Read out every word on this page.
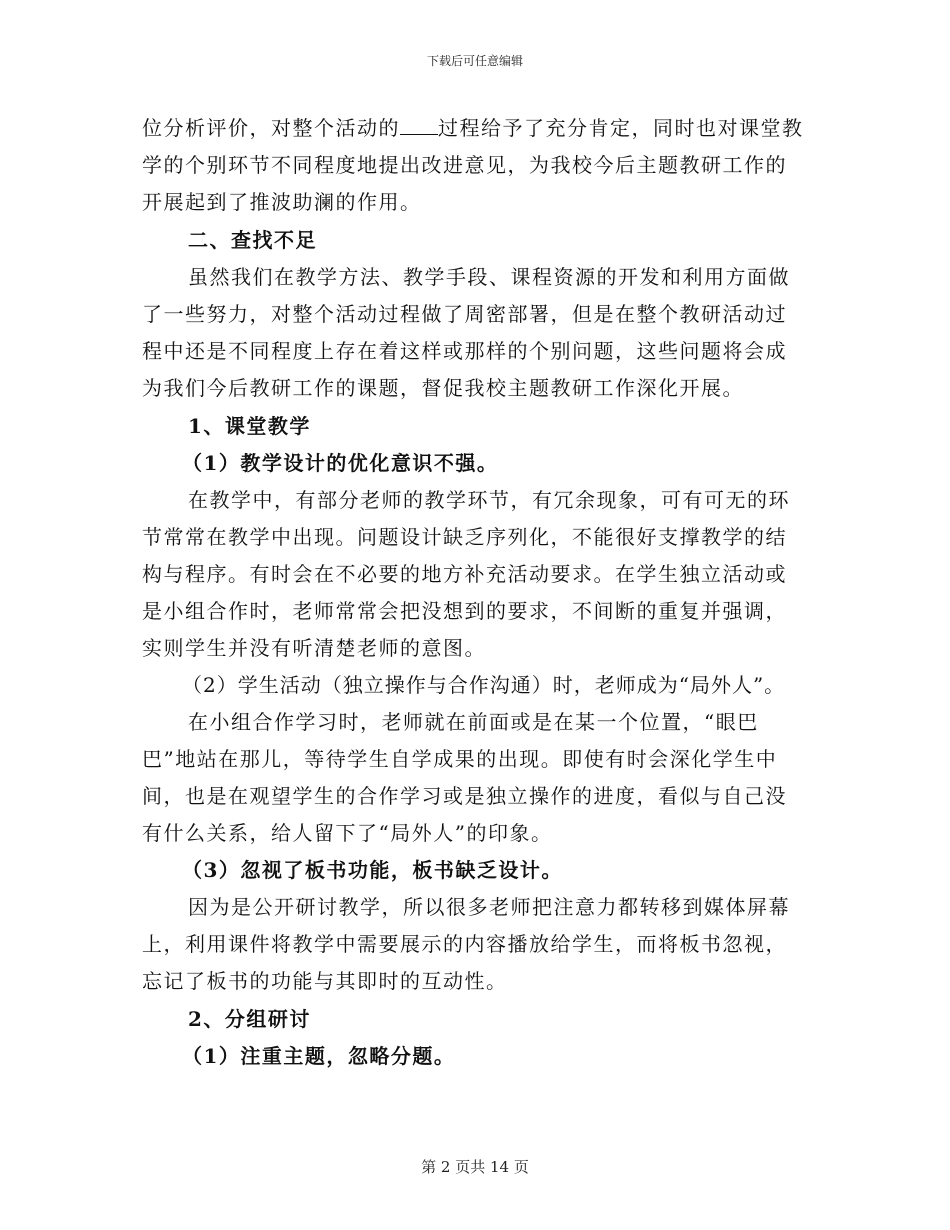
下载后可任意编辑
位分析评价，对整个活动的 过程给予了充分肯定，同时也对课堂教
学的个别环节不同程度地提出改进意见，为我校今后主题教研工作的
开展起到了推波助澜的作用。
二、查找不足
虽然我们在教学方法、教学手段、课程资源的开发和利用方面做
了一些努力，对整个活动过程做了周密部署，但是在整个教研活动过
程中还是不同程度上存在着这样或那样的个别问题，这些问题将会成
为我们今后教研工作的课题，督促我校主题教研工作深化开展。
1、课堂教学
（1）教学设计的优化意识不强。
在教学中，有部分老师的教学环节，有冗余现象，可有可无的环
节常常在教学中出现。问题设计缺乏序列化，不能很好支撑教学的结
构与程序。有时会在不必要的地方补充活动要求。在学生独立活动或
是小组合作时，老师常常会把没想到的要求，不间断的重复并强调，
实则学生并没有听清楚老师的意图。
（2）学生活动（独立操作与合作沟通）时，老师成为“局外人”。
在小组合作学习时，老师就在前面或是在某一个位置，“眼巴
巴”地站在那儿，等待学生自学成果的出现。即使有时会深化学生中
间，也是在观望学生的合作学习或是独立操作的进度，看似与自己没
有什么关系，给人留下了“局外人”的印象。
（3）忽视了板书功能，板书缺乏设计。
因为是公开研讨教学，所以很多老师把注意力都转移到媒体屏幕
上，利用课件将教学中需要展示的内容播放给学生，而将板书忽视，
忘记了板书的功能与其即时的互动性。
2、分组研讨
（1）注重主题，忽略分题。
第 2 页共 14 页
